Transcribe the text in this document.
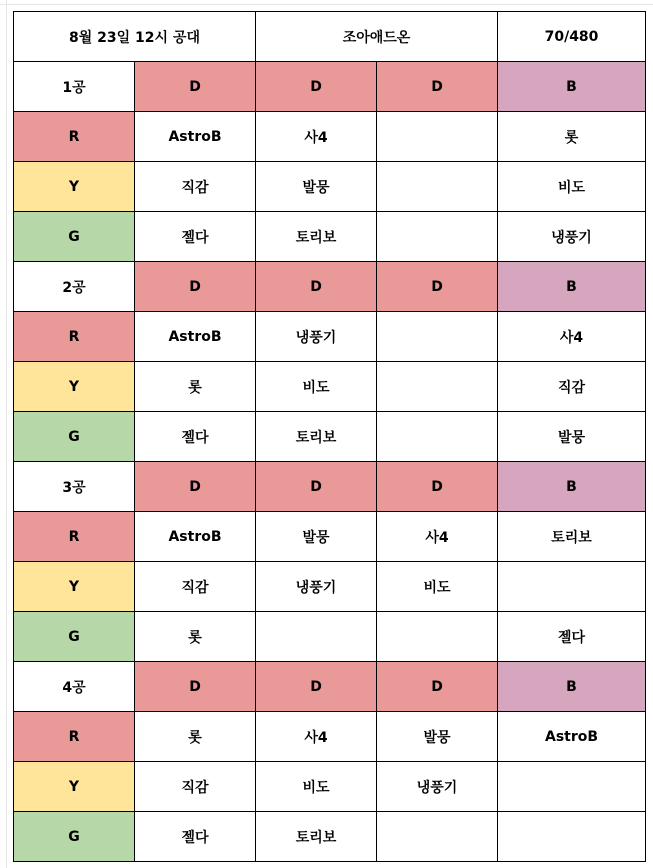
8월 23일 12시 공대		조아애드온		70/480
1공	D	D	D	B
R	AstroB	사4		롯
Y	직감	발뭉		비도
G	젤다	토리보		냉풍기
2공	D	D	D	B
R	AstroB	냉풍기		사4
Y	롯	비도		직감
G	젤다	토리보		발뭉
3공	D	D	D	B
R	AstroB	발뭉	사4	토리보
Y	직감	냉풍기	비도	
G	롯			젤다
4공	D	D	D	B
R	롯	사4	발뭉	AstroB
Y	직감	비도	냉풍기	
G	젤다	토리보		
